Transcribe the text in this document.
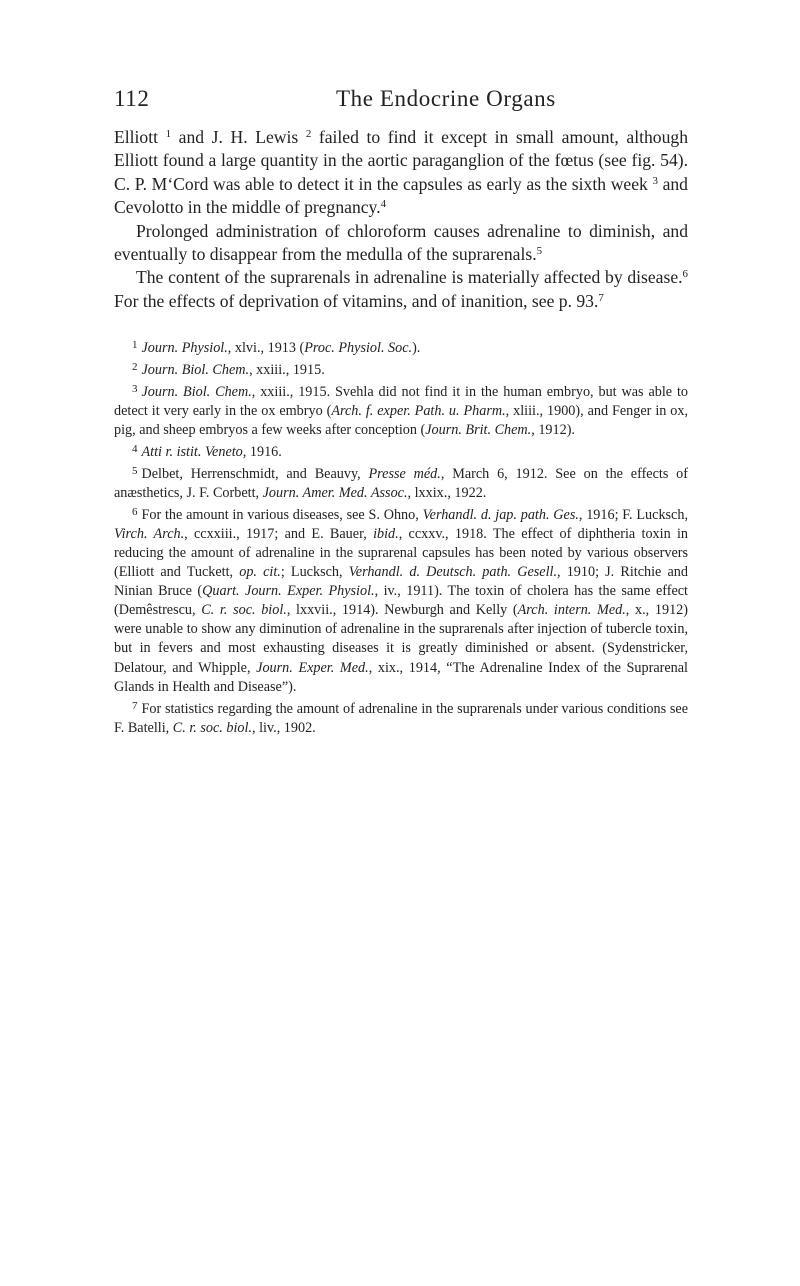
112	The Endocrine Organs

Elliott $^1$ and J. H. Lewis $^2$ failed to find it except in small amount, although Elliott found a large quantity in the aortic paraganglion of the fœtus (see fig. 54). C. P. M‘Cord was able to detect it in the capsules as early as the sixth week $^3$ and Cevolotto in the middle of pregnancy.$^4$

Prolonged administration of chloroform causes adrenaline to diminish, and eventually to disappear from the medulla of the suprarenals.$^5$

The content of the suprarenals in adrenaline is materially affected by disease.$^6$ For the effects of deprivation of vitamins, and of inanition, see p. 93.$^7$

$^1$ Journ. Physiol., xlvi., 1913 (Proc. Physiol. Soc.).

$^2$ Journ. Biol. Chem., xxiii., 1915.

$^3$ Journ. Biol. Chem., xxiii., 1915. Svehla did not find it in the human embryo, but was able to detect it very early in the ox embryo (Arch. f. exper. Path. u. Pharm., xliii., 1900), and Fenger in ox, pig, and sheep embryos a few weeks after conception (Journ. Brit. Chem., 1912).

$^4$ Atti r. istit. Veneto, 1916.

$^5$ Delbet, Herrenschmidt, and Beauvy, Presse méd., March 6, 1912. See on the effects of anæsthetics, J. F. Corbett, Journ. Amer. Med. Assoc., lxxix., 1922.

$^6$ For the amount in various diseases, see S. Ohno, Verhandl. d. jap. path. Ges., 1916; F. Lucksch, Virch. Arch., ccxxiii., 1917; and E. Bauer, ibid., ccxxv., 1918. The effect of diphtheria toxin in reducing the amount of adrenaline in the suprarenal capsules has been noted by various observers (Elliott and Tuckett, op. cit.; Lucksch, Verhandl. d. Deutsch. path. Gesell., 1910; J. Ritchie and Ninian Bruce (Quart. Journ. Exper. Physiol., iv., 1911). The toxin of cholera has the same effect (Demêstrescu, C. r. soc. biol., lxxvii., 1914). Newburgh and Kelly (Arch. intern. Med., x., 1912) were unable to show any diminution of adrenaline in the suprarenals after injection of tubercle toxin, but in fevers and most exhausting diseases it is greatly diminished or absent. (Sydenstricker, Delatour, and Whipple, Journ. Exper. Med., xix., 1914, “The Adrenaline Index of the Suprarenal Glands in Health and Disease”).

$^7$ For statistics regarding the amount of adrenaline in the suprarenals under various conditions see F. Batelli, C. r. soc. biol., liv., 1902.
